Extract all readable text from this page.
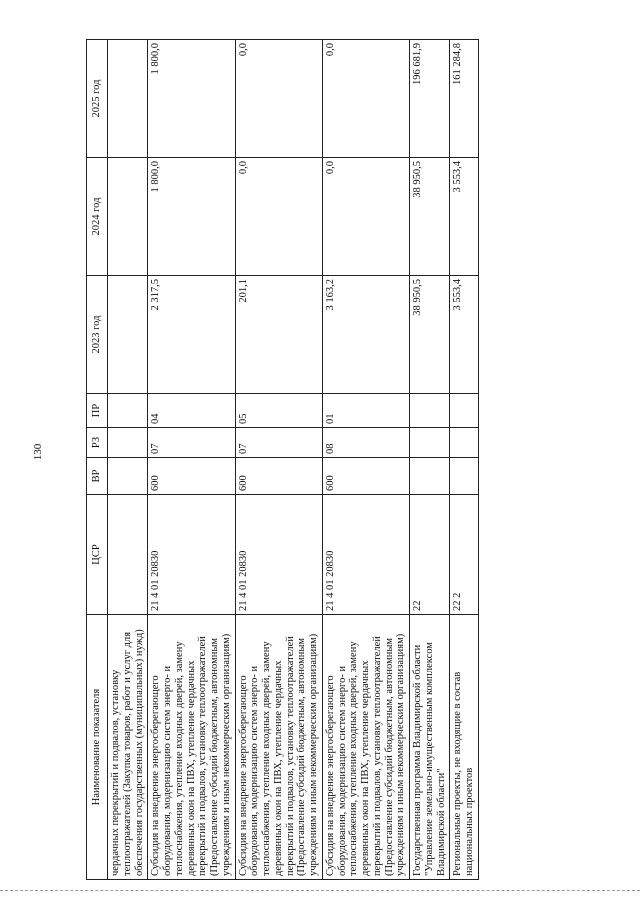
130
Наименование показателя	ЦСР	ВР	РЗ	ПР	2023 год	2024 год	2025 год
чердачных перекрытий и подвалов, установку теплоотражателей (Закупка товаров, работ и услуг для обеспечения государственных (муниципальных) нужд)							
Субсидия на внедрение энергосберегающего оборудования, модернизацию систем энерго- и теплоснабжения, утепление входных дверей, замену деревянных окон на ПВХ, утепление чердачных перекрытий и подвалов, установку теплоотражателей (Предоставление субсидий бюджетным, автономным учреждениям и иным некоммерческим организациям)	21 4 01 20830	600	07	04	2 317,5	1 800,0	1 800,0
Субсидия на внедрение энергосберегающего оборудования, модернизацию систем энерго- и теплоснабжения, утепление входных дверей, замену деревянных окон на ПВХ, утепление чердачных перекрытий и подвалов, установку теплоотражателей (Предоставление субсидий бюджетным, автономным учреждениям и иным некоммерческим организациям)	21 4 01 20830	600	07	05	201,1	0,0	0,0
Субсидия на внедрение энергосберегающего оборудования, модернизацию систем энерго- и теплоснабжения, утепление входных дверей, замену деревянных окон на ПВХ, утепление чердачных перекрытий и подвалов, установку теплоотражателей (Предоставление субсидий бюджетным, автономным учреждениям и иным некоммерческим организациям)	21 4 01 20830	600	08	01	3 163,2	0,0	0,0
Государственная программа Владимирской области "Управление земельно-имущественным комплексом Владимирской области"	22				38 950,5	38 950,5	196 681,9
Региональные проекты, не входящие в состав национальных проектов	22 2				3 553,4	3 553,4	161 284,8
